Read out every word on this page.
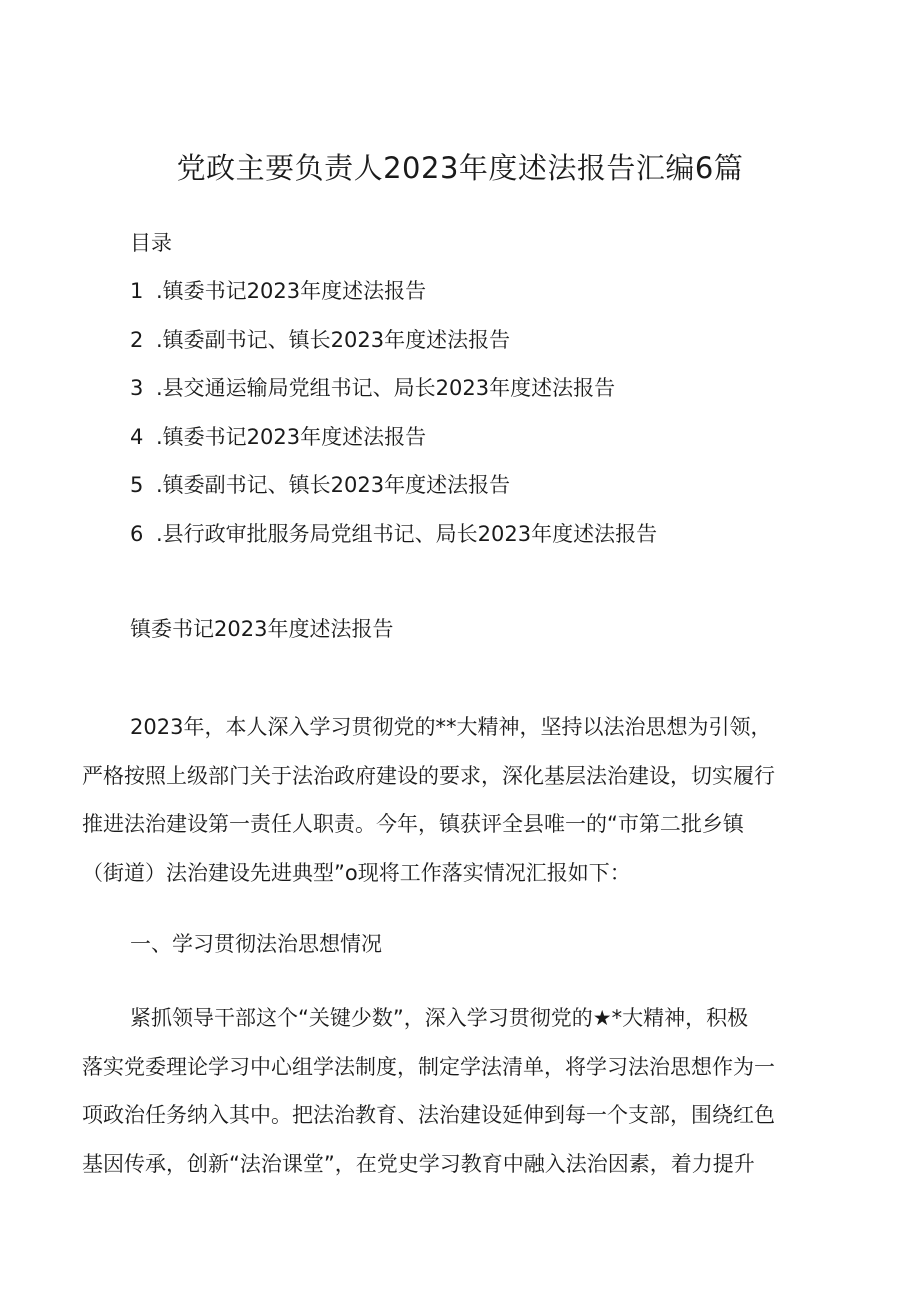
党政主要负责人2023年度述法报告汇编6篇
目录
1 .镇委书记2023年度述法报告
2 .镇委副书记、镇长2023年度述法报告
3 .县交通运输局党组书记、局长2023年度述法报告
4 .镇委书记2023年度述法报告
5 .镇委副书记、镇长2023年度述法报告
6 .县行政审批服务局党组书记、局长2023年度述法报告
镇委书记2023年度述法报告

2023年，本人深入学习贯彻党的**大精神，坚持以法治思想为引领，
严格按照上级部门关于法治政府建设的要求，深化基层法治建设，切实履行
推进法治建设第一责任人职责。今年，镇获评全县唯一的“市第二批乡镇
（街道）法治建设先进典型”o现将工作落实情况汇报如下：

一、学习贯彻法治思想情况

紧抓领导干部这个“关键少数”，深入学习贯彻党的★*大精神，积极
落实党委理论学习中心组学法制度，制定学法清单，将学习法治思想作为一
项政治任务纳入其中。把法治教育、法治建设延伸到每一个支部，围绕红色
基因传承，创新“法治课堂”，在党史学习教育中融入法治因素，着力提升
